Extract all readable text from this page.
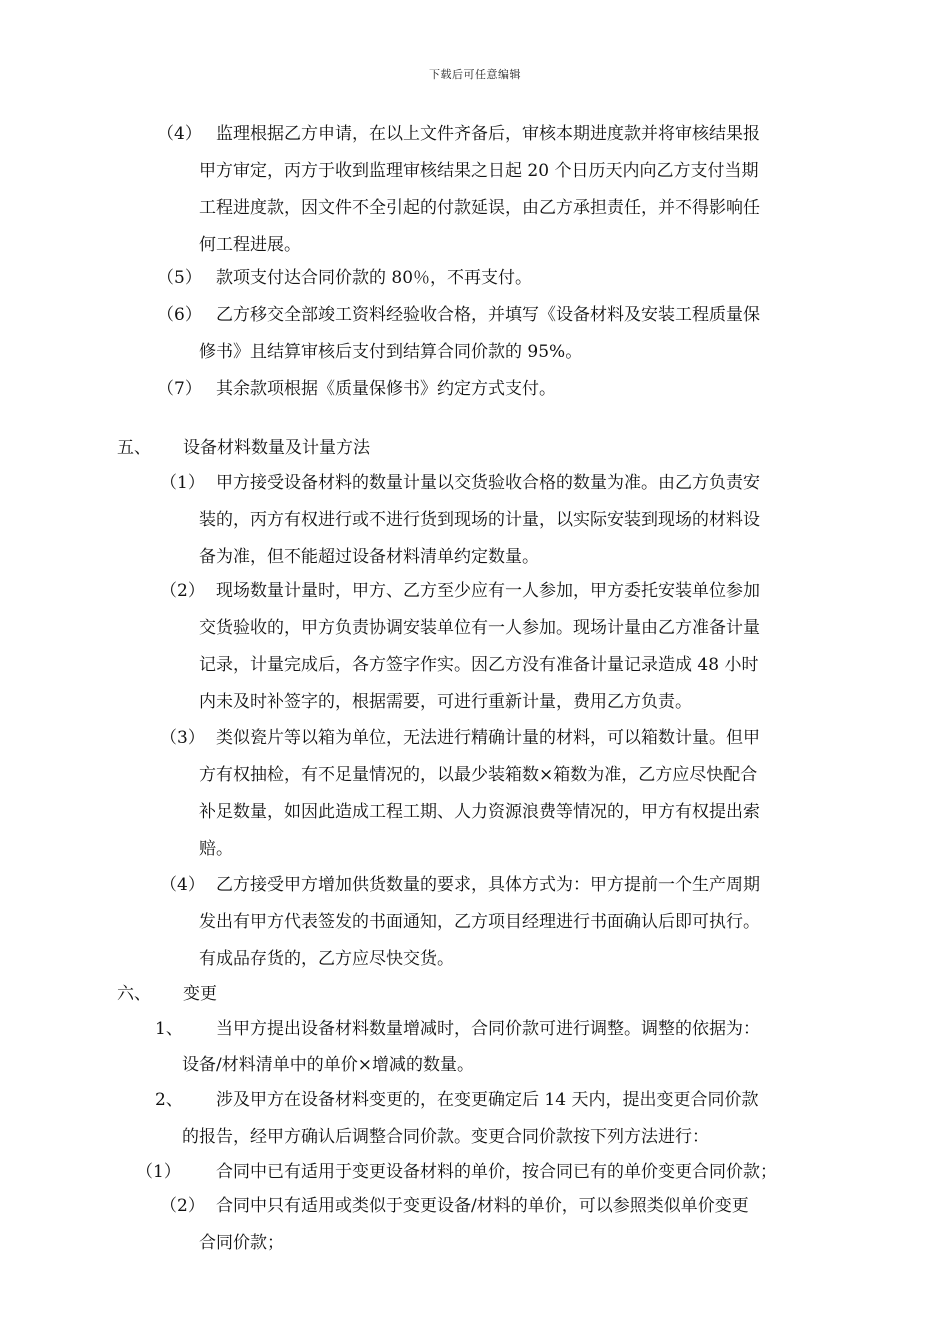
下载后可任意编辑
（4） 监理根据乙方申请，在以上文件齐备后，审核本期进度款并将审核结果报
甲方审定，丙方于收到监理审核结果之日起 20 个日历天内向乙方支付当期
工程进度款，因文件不全引起的付款延误，由乙方承担责任，并不得影响任
何工程进展。
（5） 款项支付达合同价款的 80％，不再支付。
（6） 乙方移交全部竣工资料经验收合格，并填写《设备材料及安装工程质量保
修书》且结算审核后支付到结算合同价款的 95%。
（7） 其余款项根据《质量保修书》约定方式支付。
五、 设备材料数量及计量方法
（1） 甲方接受设备材料的数量计量以交货验收合格的数量为准。由乙方负责安
装的，丙方有权进行或不进行货到现场的计量，以实际安装到现场的材料设
备为准，但不能超过设备材料清单约定数量。
（2） 现场数量计量时，甲方、乙方至少应有一人参加，甲方委托安装单位参加
交货验收的，甲方负责协调安装单位有一人参加。现场计量由乙方准备计量
记录，计量完成后，各方签字作实。因乙方没有准备计量记录造成 48 小时
内未及时补签字的，根据需要，可进行重新计量，费用乙方负责。
（3） 类似瓷片等以箱为单位，无法进行精确计量的材料，可以箱数计量。但甲
方有权抽检，有不足量情况的，以最少装箱数×箱数为准，乙方应尽快配合
补足数量，如因此造成工程工期、人力资源浪费等情况的，甲方有权提出索
赔。
（4） 乙方接受甲方增加供货数量的要求，具体方式为：甲方提前一个生产周期
发出有甲方代表签发的书面通知，乙方项目经理进行书面确认后即可执行。
有成品存货的，乙方应尽快交货。
六、 变更
1、 当甲方提出设备材料数量增减时，合同价款可进行调整。调整的依据为：
设备/材料清单中的单价×增减的数量。
2、 涉及甲方在设备材料变更的，在变更确定后 14 天内，提出变更合同价款
的报告，经甲方确认后调整合同价款。变更合同价款按下列方法进行：
（1） 合同中已有适用于变更设备材料的单价，按合同已有的单价变更合同价款；
（2） 合同中只有适用或类似于变更设备/材料的单价，可以参照类似单价变更
合同价款；
